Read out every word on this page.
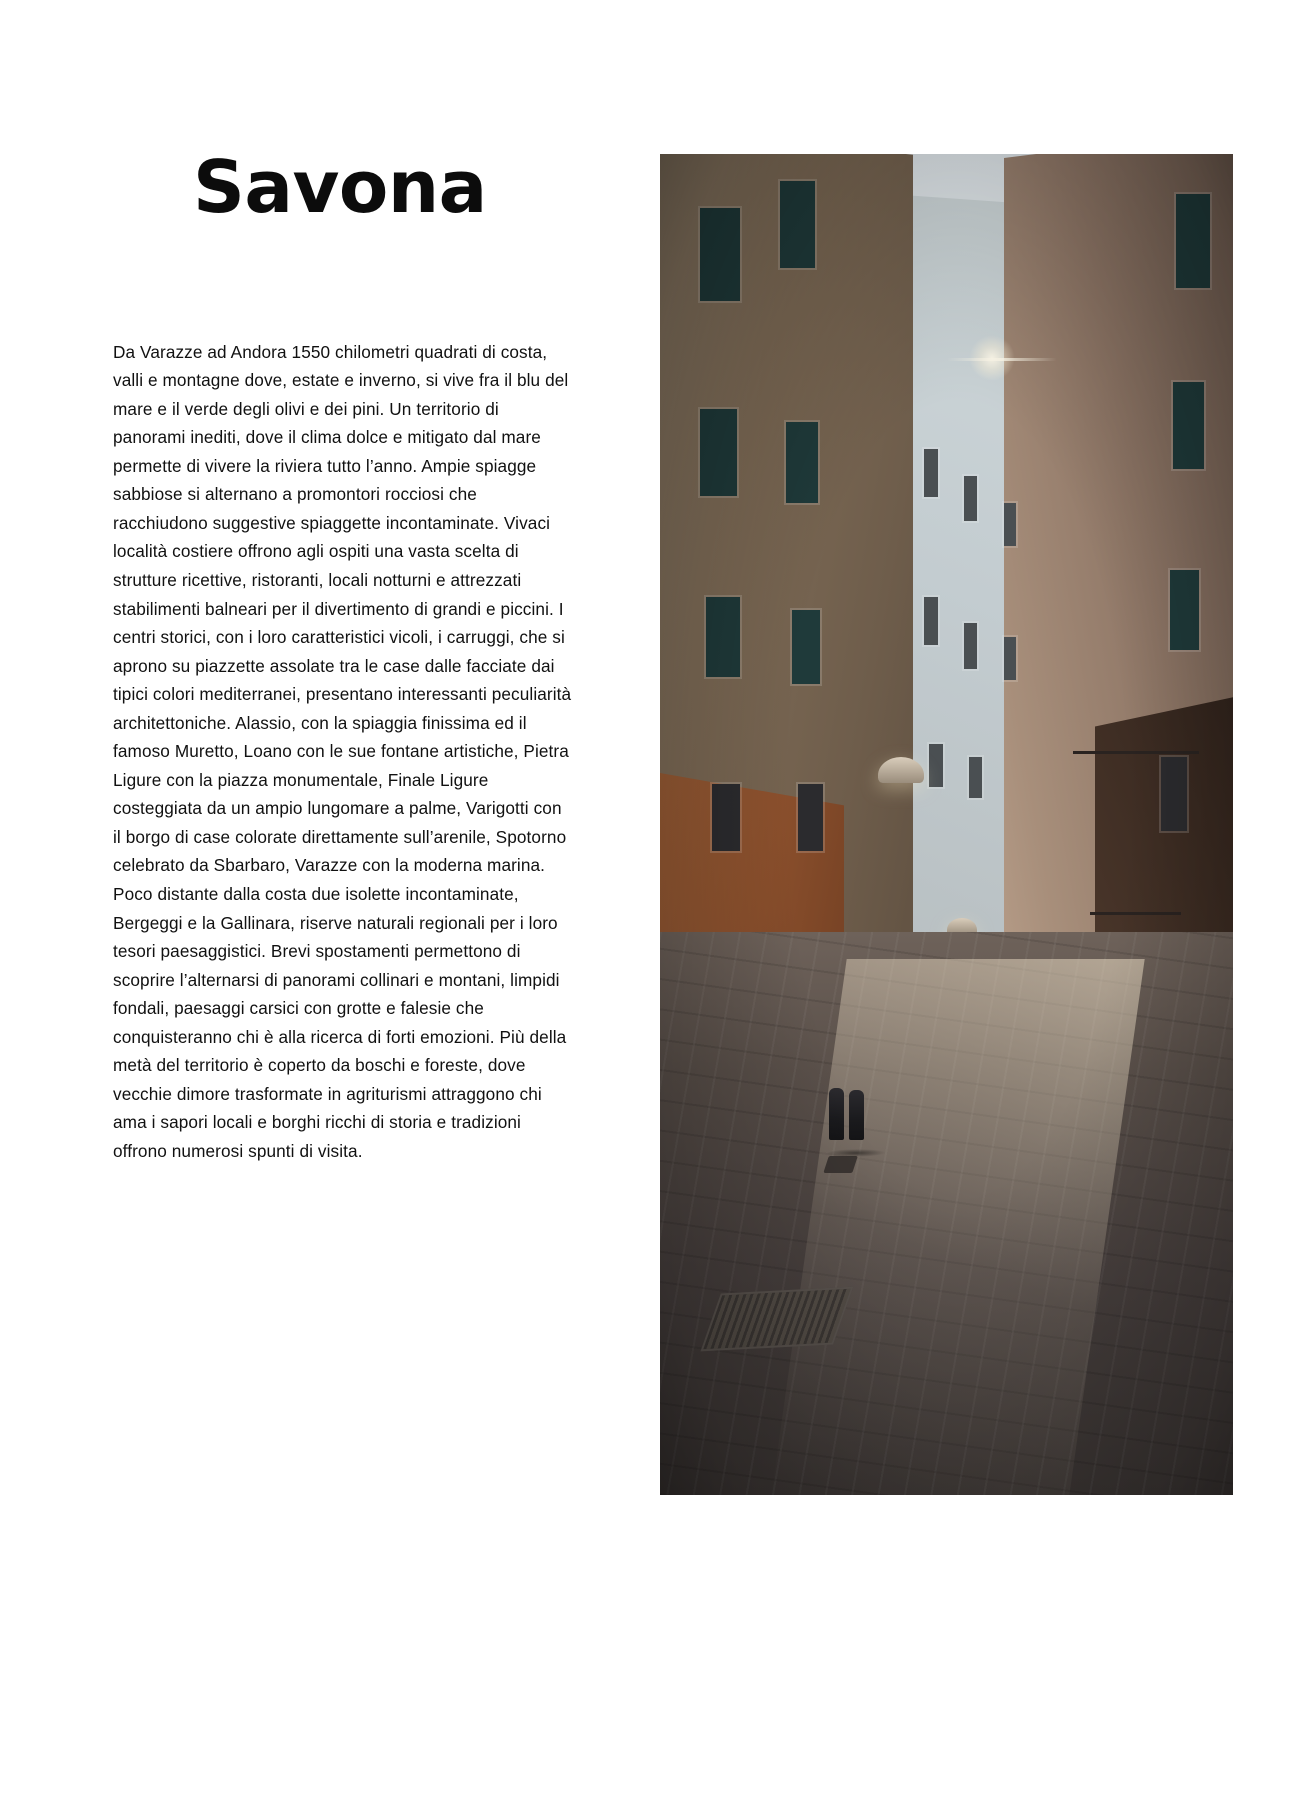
Savona

Da Varazze ad Andora 1550 chilometri quadrati di costa, valli e montagne dove, estate e inverno, si vive fra il blu del mare e il verde degli olivi e dei pini. Un territorio di panorami inediti, dove il clima dolce e mitigato dal mare permette di vivere la riviera tutto l’anno. Ampie spiagge sabbiose si alternano a promontori rocciosi che racchiudono suggestive spiaggette incontaminate. Vivaci località costiere offrono agli ospiti una vasta scelta di strutture ricettive, ristoranti, locali notturni e attrezzati stabilimenti balneari per il divertimento di grandi e piccini. I centri storici, con i loro caratteristici vicoli, i carruggi, che si aprono su piazzette assolate tra le case dalle facciate dai tipici colori mediterranei, presentano interessanti peculiarità architettoniche. Alassio, con la spiaggia finissima ed il famoso Muretto, Loano con le sue fontane artistiche, Pietra Ligure con la piazza monumentale, Finale Ligure costeggiata da un ampio lungomare a palme, Varigotti con il borgo di case colorate direttamente sull’arenile, Spotorno celebrato da Sbarbaro, Varazze con la moderna marina. Poco distante dalla costa due isolette incontaminate, Bergeggi e la Gallinara, riserve naturali regionali per i loro tesori paesaggistici. Brevi spostamenti permettono di scoprire l’alternarsi di panorami collinari e montani, limpidi fondali, paesaggi carsici con grotte e falesie che conquisteranno chi è alla ricerca di forti emozioni. Più della metà del territorio è coperto da boschi e foreste, dove vecchie dimore trasformate in agriturismi attraggono chi ama i sapori locali e borghi ricchi di storia e tradizioni offrono numerosi spunti di visita.
